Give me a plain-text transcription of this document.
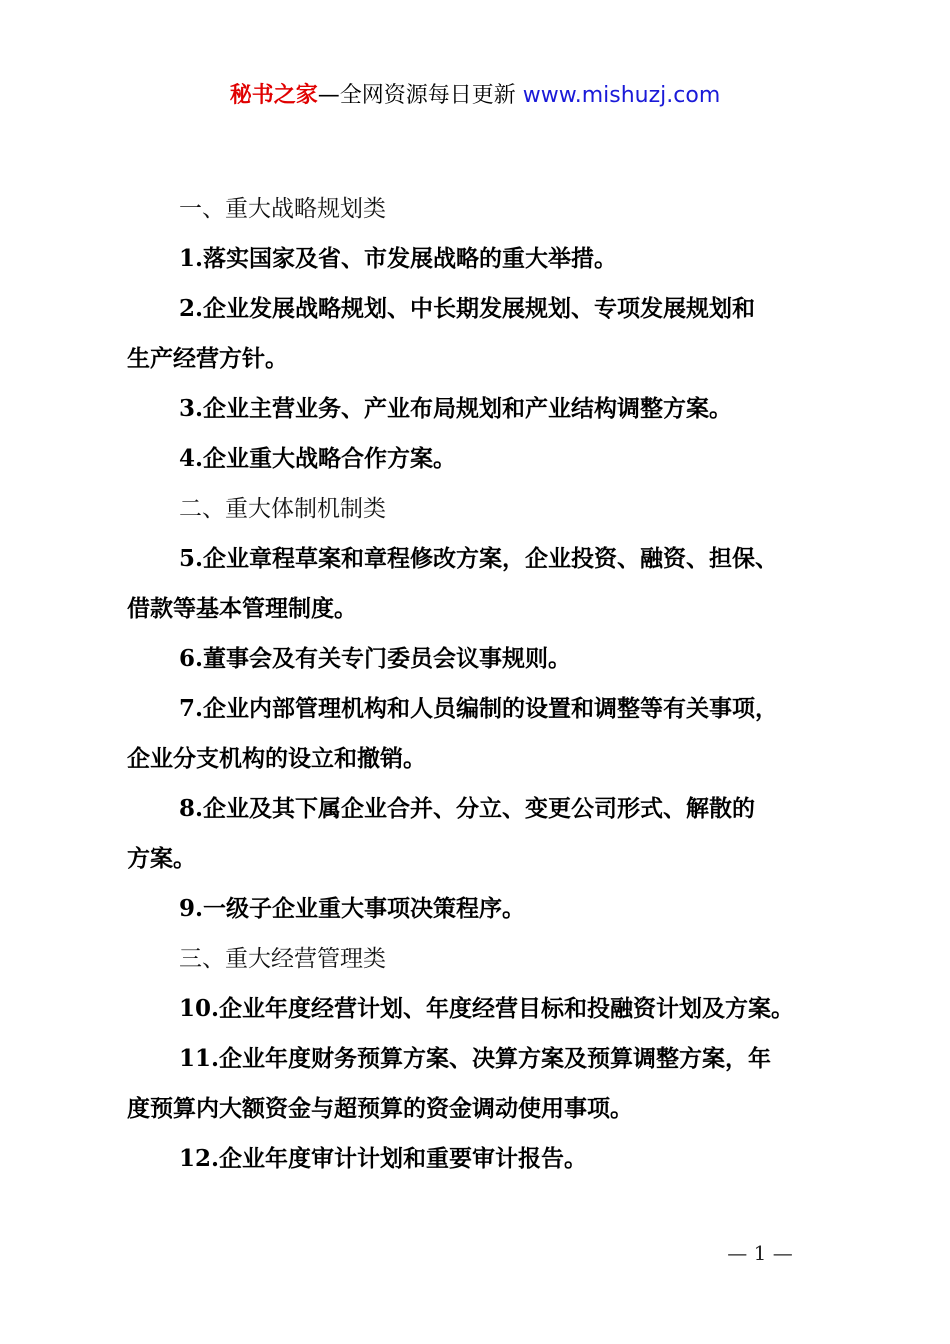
秘书之家—全网资源每日更新 www.mishuzj.com

一、重大战略规划类

1.落实国家及省、市发展战略的重大举措。

2.企业发展战略规划、中长期发展规划、专项发展规划和

生产经营方针。

3.企业主营业务、产业布局规划和产业结构调整方案。

4.企业重大战略合作方案。

二、重大体制机制类

5.企业章程草案和章程修改方案，企业投资、融资、担保、

借款等基本管理制度。

6.董事会及有关专门委员会议事规则。

7.企业内部管理机构和人员编制的设置和调整等有关事项，

企业分支机构的设立和撤销。

8.企业及其下属企业合并、分立、变更公司形式、解散的

方案。

9.一级子企业重大事项决策程序。

三、重大经营管理类

10.企业年度经营计划、年度经营目标和投融资计划及方案。

11.企业年度财务预算方案、决算方案及预算调整方案，年

度预算内大额资金与超预算的资金调动使用事项。

12.企业年度审计计划和重要审计报告。

— 1 —
